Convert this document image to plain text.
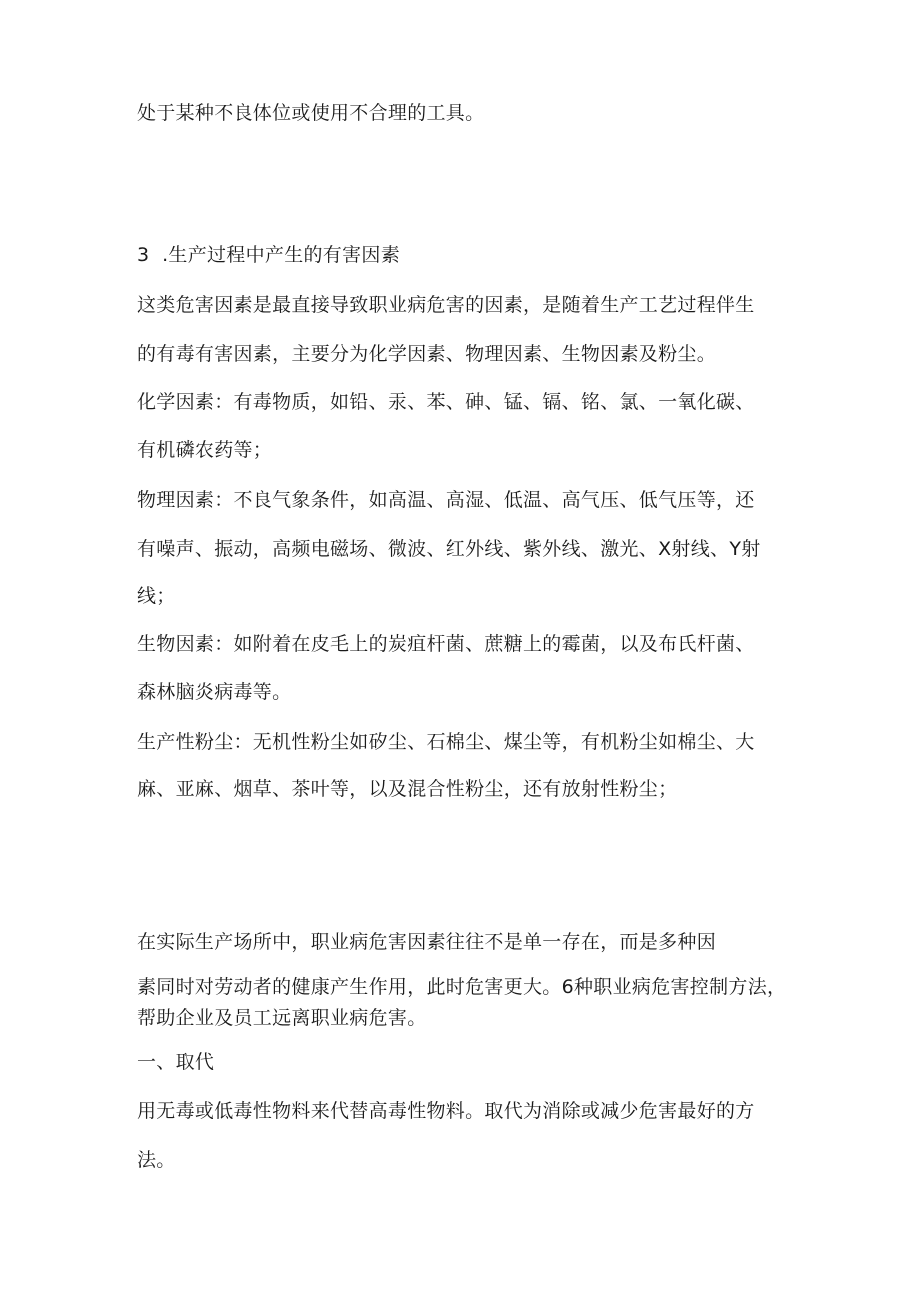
处于某种不良体位或使用不合理的工具。
3  .生产过程中产生的有害因素
这类危害因素是最直接导致职业病危害的因素，是随着生产工艺过程伴生
的有毒有害因素，主要分为化学因素、物理因素、生物因素及粉尘。
化学因素：有毒物质，如铅、汞、苯、砷、锰、镉、铭、氯、一氧化碳、
有机磷农药等；
物理因素：不良气象条件，如高温、高湿、低温、高气压、低气压等，还
有噪声、振动，高频电磁场、微波、红外线、紫外线、激光、X射线、Y射
线；
生物因素：如附着在皮毛上的炭疽杆菌、蔗糖上的霉菌，以及布氏杆菌、
森林脑炎病毒等。
生产性粉尘：无机性粉尘如矽尘、石棉尘、煤尘等，有机粉尘如棉尘、大
麻、亚麻、烟草、茶叶等，以及混合性粉尘，还有放射性粉尘；
在实际生产场所中，职业病危害因素往往不是单一存在，而是多种因
素同时对劳动者的健康产生作用，此时危害更大。6种职业病危害控制方法，
帮助企业及员工远离职业病危害。
一、取代
用无毒或低毒性物料来代替高毒性物料。取代为消除或减少危害最好的方
法。
